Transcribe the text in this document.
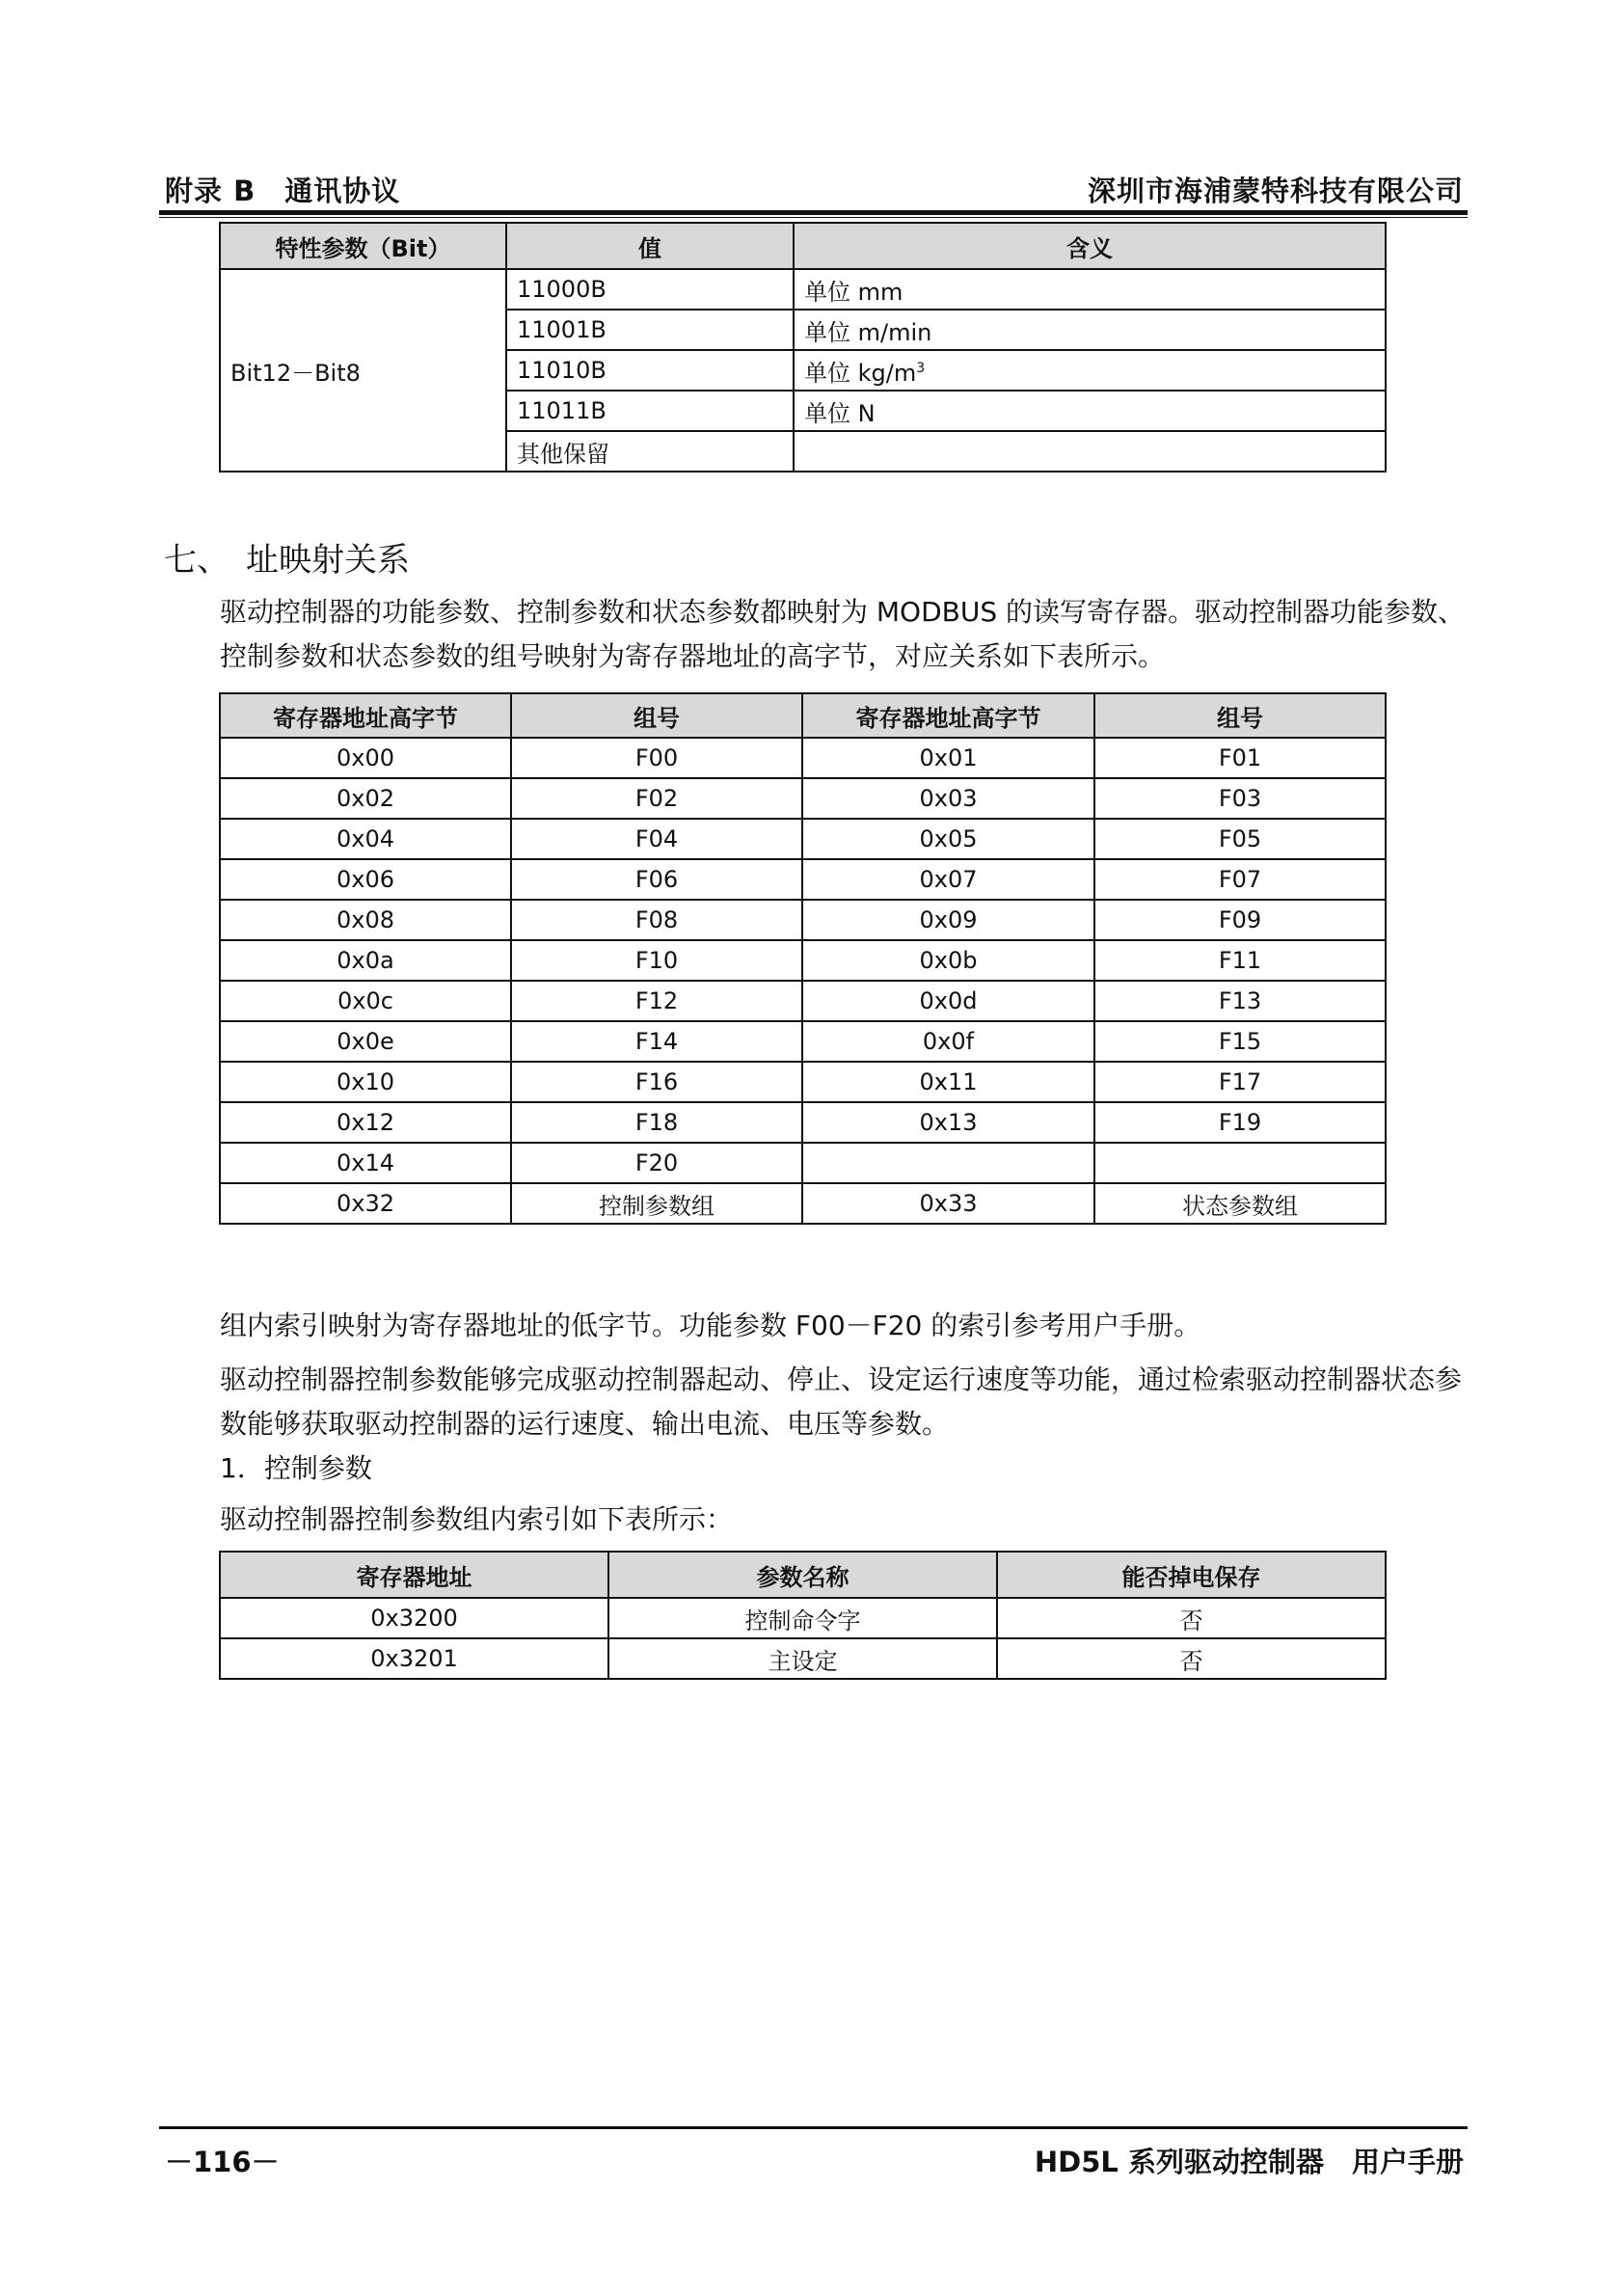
附录 B　通讯协议	深圳市海浦蒙特科技有限公司
特性参数（Bit）	值	含义
Bit12－Bit8	11000B	单位 mm
	11001B	单位 m/min
	11010B	单位 $kg/m^3$
	11011B	单位 N
	其他保留	
七、　址映射关系
驱动控制器的功能参数、控制参数和状态参数都映射为 MODBUS 的读写寄存器。驱动控制器功能参数、控制参数和状态参数的组号映射为寄存器地址的高字节，对应关系如下表所示。
寄存器地址高字节	组号	寄存器地址高字节	组号
0x00	F00	0x01	F01
0x02	F02	0x03	F03
0x04	F04	0x05	F05
0x06	F06	0x07	F07
0x08	F08	0x09	F09
0x0a	F10	0x0b	F11
0x0c	F12	0x0d	F13
0x0e	F14	0x0f	F15
0x10	F16	0x11	F17
0x12	F18	0x13	F19
0x14	F20		
0x32	控制参数组	0x33	状态参数组
组内索引映射为寄存器地址的低字节。功能参数 F00－F20 的索引参考用户手册。
驱动控制器控制参数能够完成驱动控制器起动、停止、设定运行速度等功能，通过检索驱动控制器状态参数能够获取驱动控制器的运行速度、输出电流、电压等参数。
1．控制参数
驱动控制器控制参数组内索引如下表所示：
寄存器地址	参数名称	能否掉电保存
0x3200	控制命令字	否
0x3201	主设定	否
－116－	HD5L 系列驱动控制器　用户手册
